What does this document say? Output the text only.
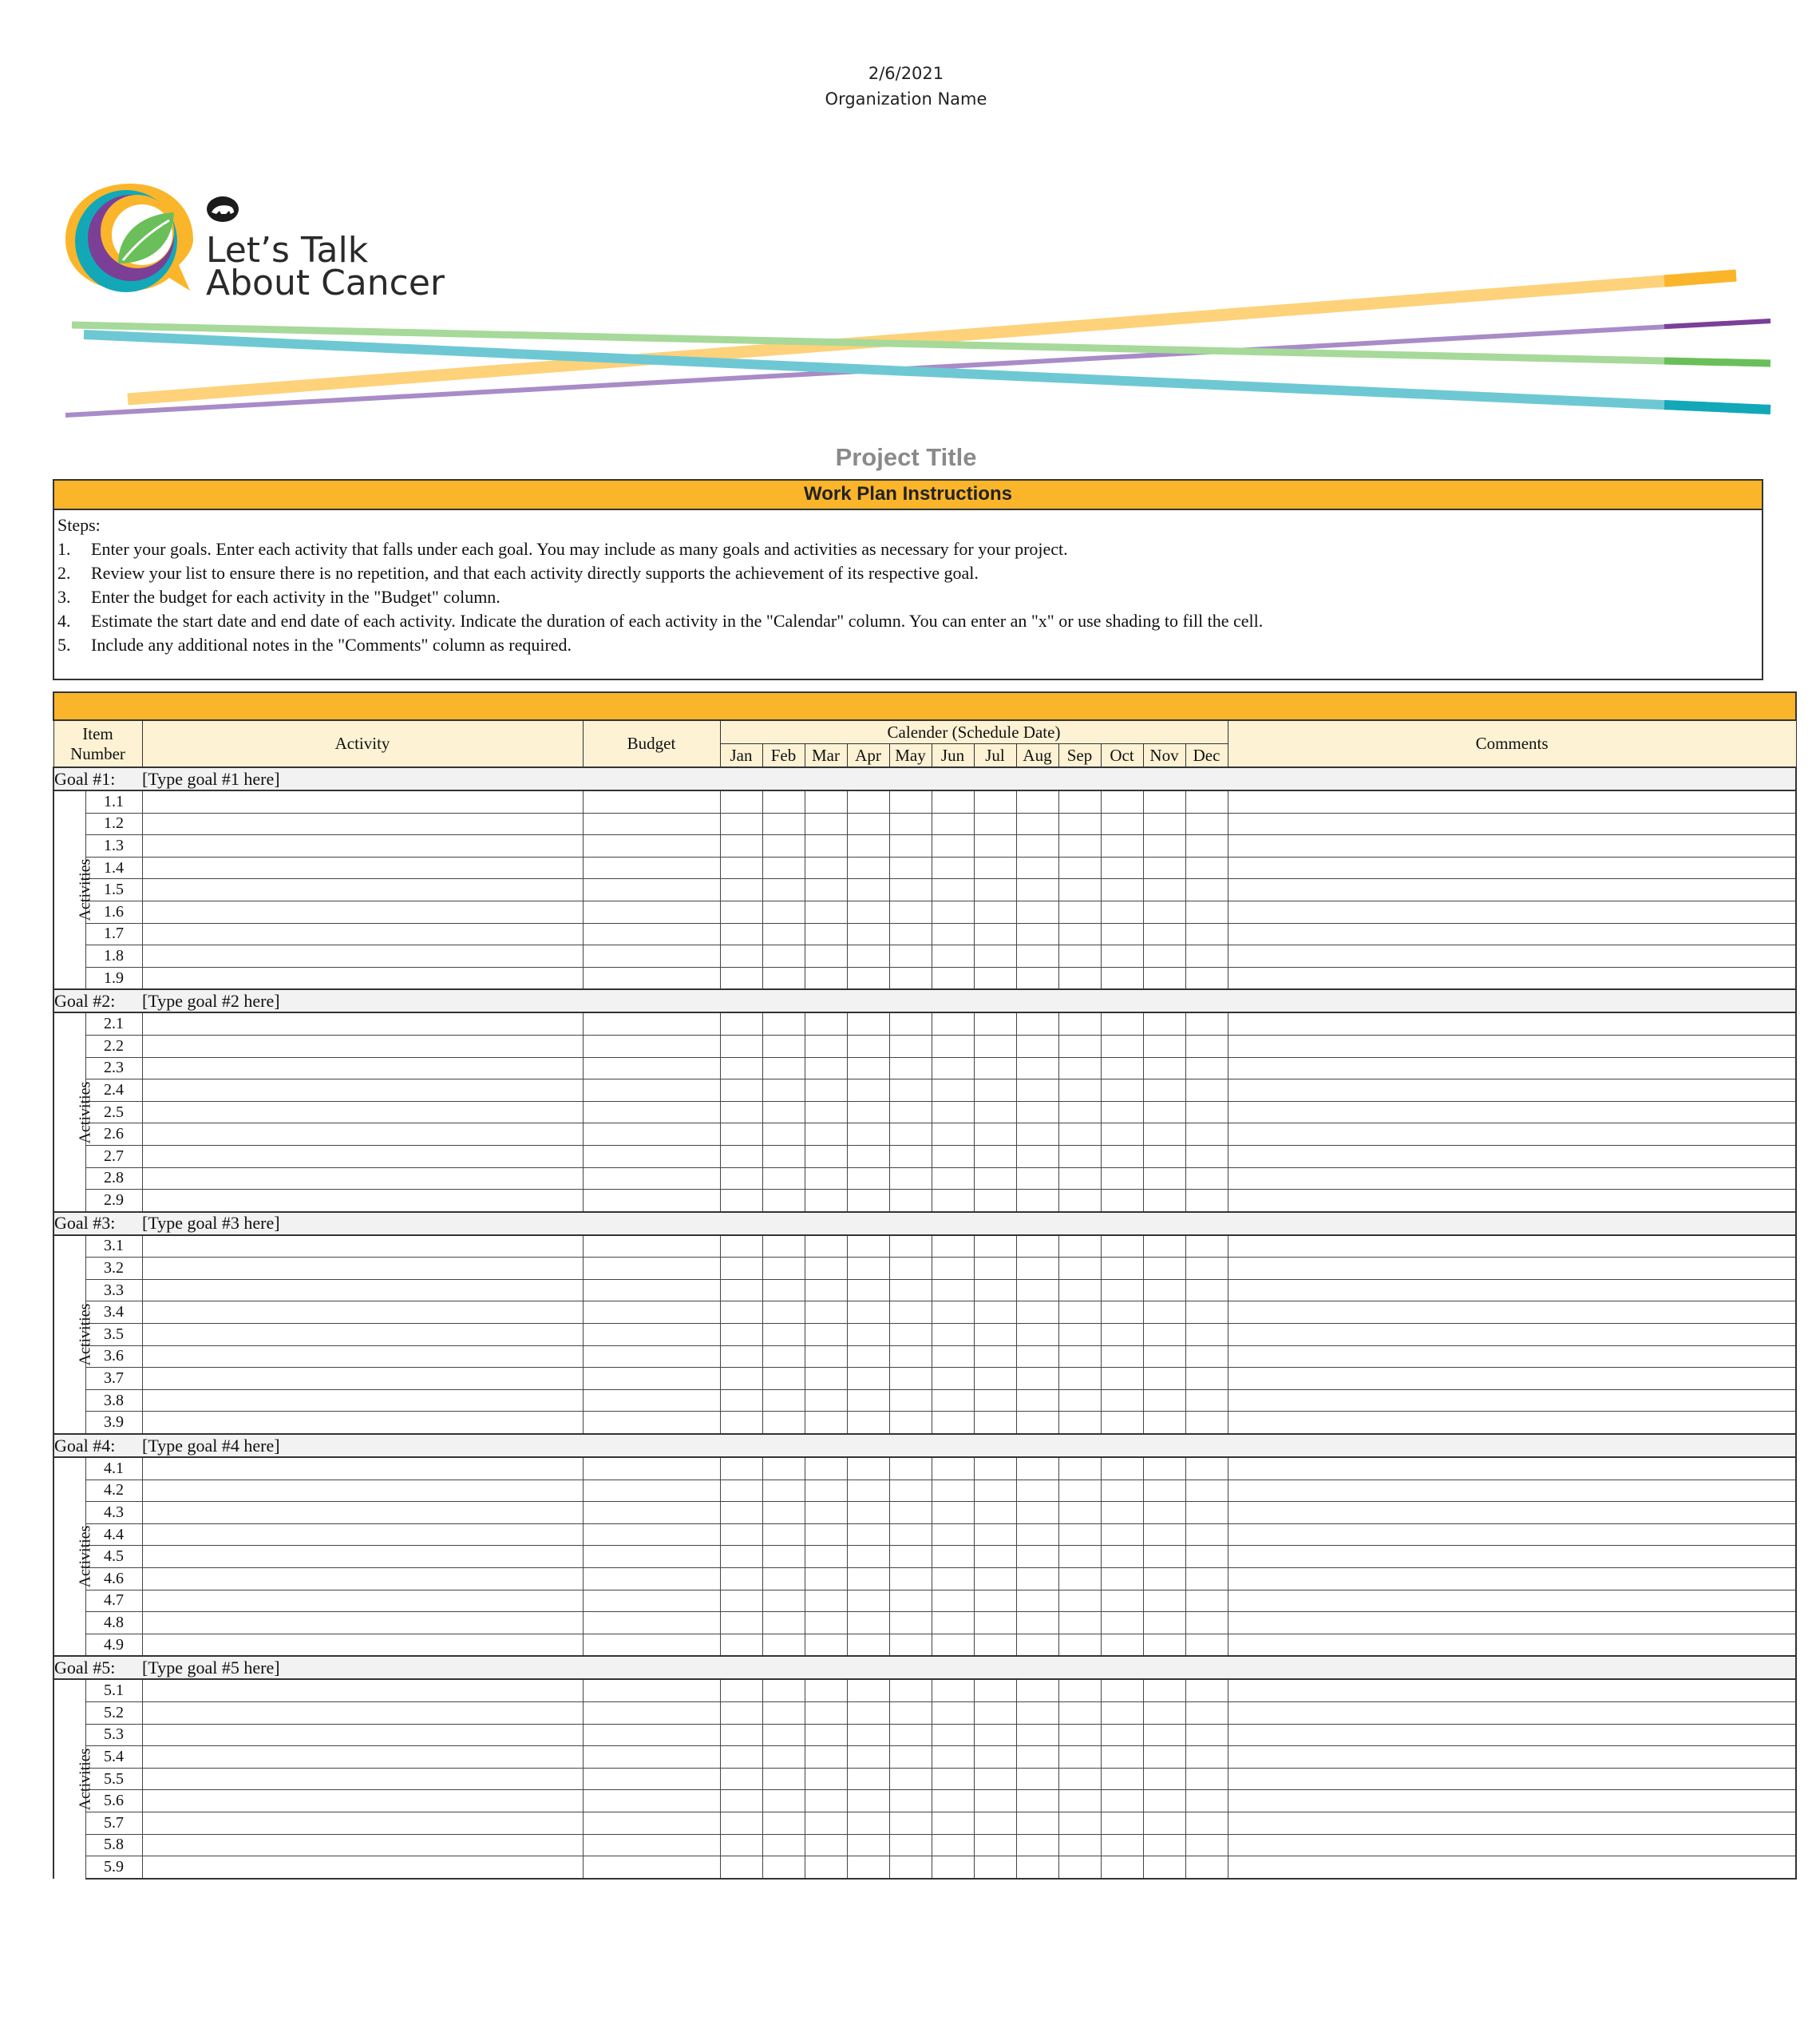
2/6/2021
Organization Name
Let’s Talk
About Cancer
Project Title
Work Plan Instructions
Steps:
1.	Enter your goals. Enter each activity that falls under each goal. You may include as many goals and activities as necessary for your project.
2.	Review your list to ensure there is no repetition, and that each activity directly supports the achievement of its respective goal.
3.	Enter the budget for each activity in the "Budget" column.
4.	Estimate the start date and end date of each activity. Indicate the duration of each activity in the "Calendar" column. You can enter an "x" or use shading to fill the cell.
5.	Include any additional notes in the "Comments" column as required.

Item
Number		Activity	Budget	Calender (Schedule Date)												Comments
				Jan	Feb	Mar	Apr	May	Jun	Jul	Aug	Sep	Oct	Nov	Dec	
Goal #1:		[Type goal #1 here]														
Activities	1.1															
	1.2															
	1.3															
	1.4															
	1.5															
	1.6															
	1.7															
	1.8															
	1.9															
Goal #2:		[Type goal #2 here]														
Activities	2.1															
	2.2															
	2.3															
	2.4															
	2.5															
	2.6															
	2.7															
	2.8															
	2.9															
Goal #3:		[Type goal #3 here]														
Activities	3.1															
	3.2															
	3.3															
	3.4															
	3.5															
	3.6															
	3.7															
	3.8															
	3.9															
Goal #4:		[Type goal #4 here]														
Activities	4.1															
	4.2															
	4.3															
	4.4															
	4.5															
	4.6															
	4.7															
	4.8															
	4.9															
Goal #5:		[Type goal #5 here]														
Activities	5.1															
	5.2															
	5.3															
	5.4															
	5.5															
	5.6															
	5.7															
	5.8															
	5.9															
